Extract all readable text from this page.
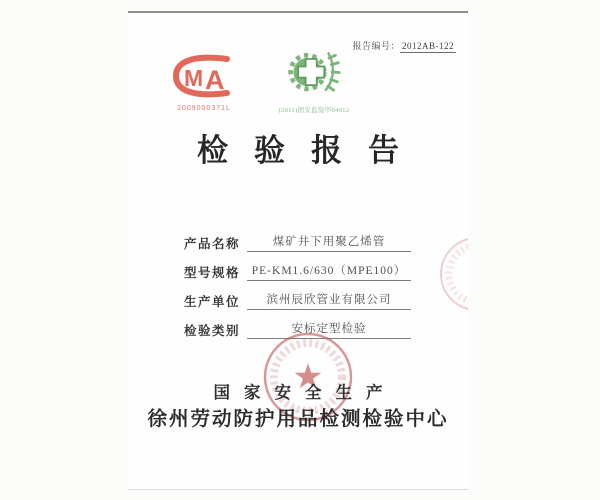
报告编号： 2012AB-122
M A
2009000371L	(2011)国安监验甲04012
检验报告
产品名称	煤矿井下用聚乙烯管
型号规格	PE-KM1.6/630（MPE100）
生产单位	滨州辰欣管业有限公司
检验类别	安标定型检验
国家安全生产
徐州劳动防护用品检测检验中心
